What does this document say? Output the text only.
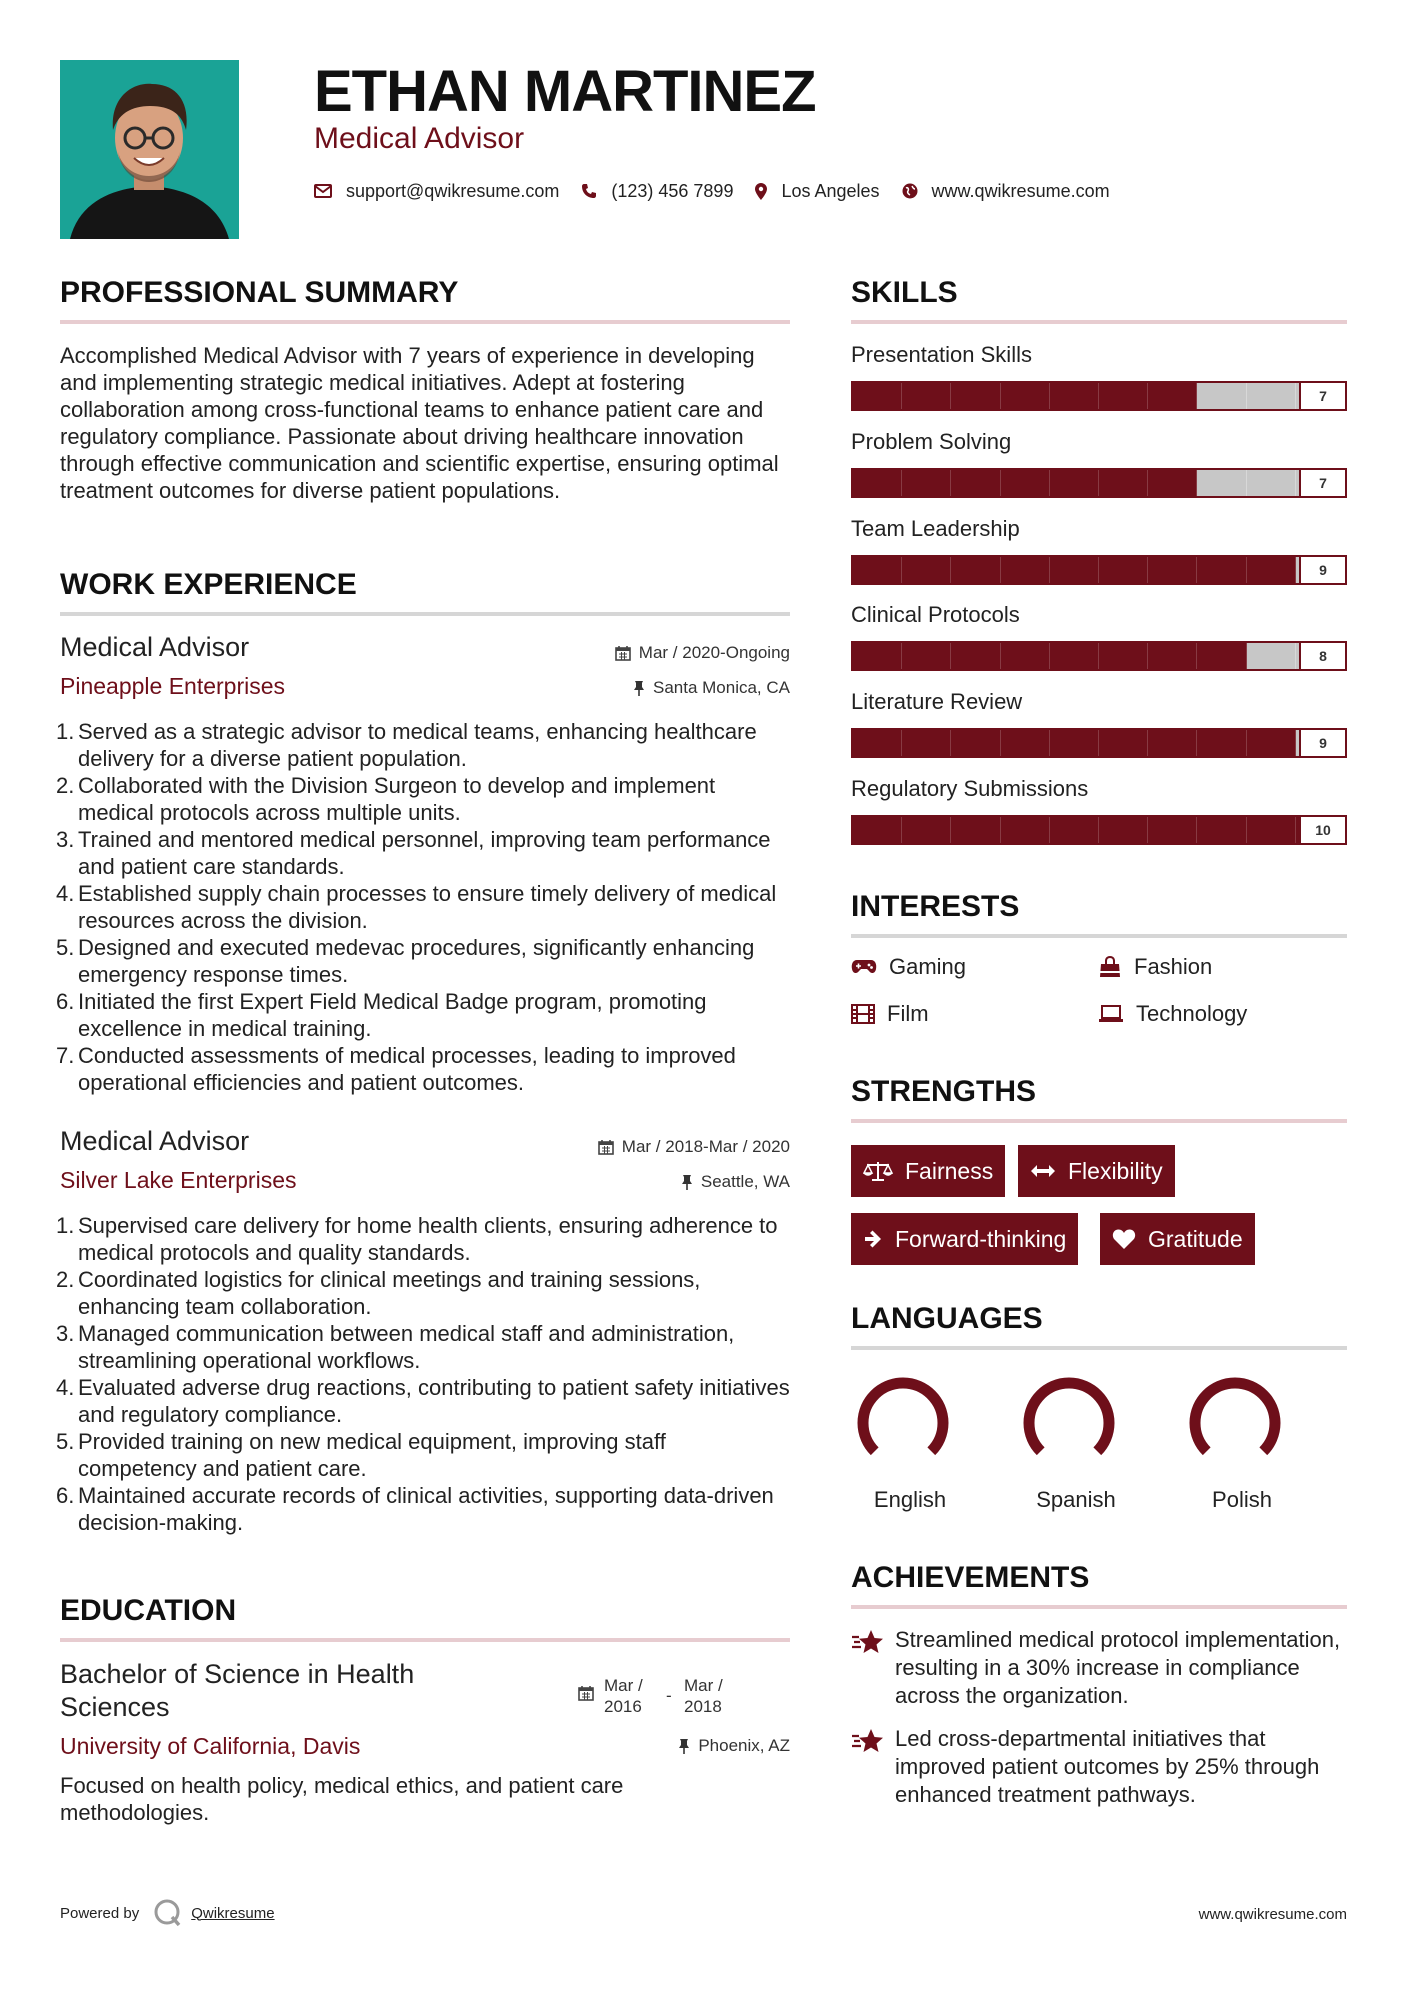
ETHAN MARTINEZ
Medical Advisor
support@qwikresume.com	(123) 456 7899	Los Angeles	www.qwikresume.com
PROFESSIONAL SUMMARY

Accomplished Medical Advisor with 7 years of experience in developing and implementing strategic medical initiatives. Adept at fostering collaboration among cross-functional teams to enhance patient care and regulatory compliance. Passionate about driving healthcare innovation through effective communication and scientific expertise, ensuring optimal treatment outcomes for diverse patient populations.

WORK EXPERIENCE
Medical Advisor
Pineapple Enterprises
Mar / 2020-Ongoing
Santa Monica, CA
1. Served as a strategic advisor to medical teams, enhancing healthcare delivery for a diverse patient population.
2. Collaborated with the Division Surgeon to develop and implement medical protocols across multiple units.
3. Trained and mentored medical personnel, improving team performance and patient care standards.
4. Established supply chain processes to ensure timely delivery of medical resources across the division.
5. Designed and executed medevac procedures, significantly enhancing emergency response times.
6. Initiated the first Expert Field Medical Badge program, promoting excellence in medical training.
7. Conducted assessments of medical processes, leading to improved operational efficiencies and patient outcomes.
Medical Advisor
Silver Lake Enterprises
Mar / 2018-Mar / 2020
Seattle, WA
1. Supervised care delivery for home health clients, ensuring adherence to medical protocols and quality standards.
2. Coordinated logistics for clinical meetings and training sessions, enhancing team collaboration.
3. Managed communication between medical staff and administration, streamlining operational workflows.
4. Evaluated adverse drug reactions, contributing to patient safety initiatives and regulatory compliance.
5. Provided training on new medical equipment, improving staff competency and patient care.
6. Maintained accurate records of clinical activities, supporting data-driven decision-making.
EDUCATION
Bachelor of Science in Health Sciences
University of California, Davis
Mar /
2016
-
Mar /
2018
Phoenix, AZ
Focused on health policy, medical ethics, and patient care methodologies.
SKILLS
Presentation Skills
7
Problem Solving
7
Team Leadership
9
Clinical Protocols
8
Literature Review
9
Regulatory Submissions
10
INTERESTS
Gaming	Fashion
Film	Technology
STRENGTHS
Fairness	Flexibility
Forward-thinking	Gratitude
LANGUAGES
English	Spanish	Polish
ACHIEVEMENTS
Streamlined medical protocol implementation, resulting in a 30% increase in compliance across the organization.
Led cross-departmental initiatives that improved patient outcomes by 25% through enhanced treatment pathways.
Powered by	Qwikresume	www.qwikresume.com
